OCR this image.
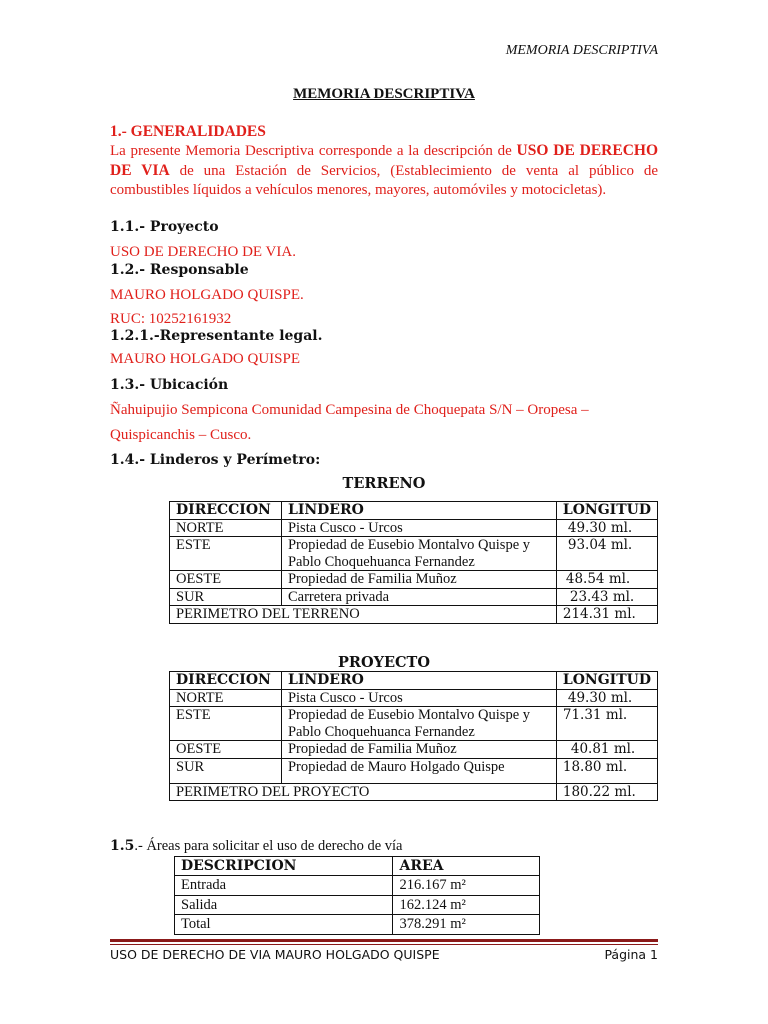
MEMORIA DESCRIPTIVA
MEMORIA DESCRIPTIVA
1.- GENERALIDADES
La presente Memoria Descriptiva corresponde a la descripción de USO DE DERECHO DE VIA de una Estación de Servicios, (Establecimiento de venta al público de combustibles líquidos a vehículos menores, mayores, automóviles y motocicletas).
1.1.- Proyecto
USO DE DERECHO DE VIA.
1.2.- Responsable
MAURO HOLGADO QUISPE.
RUC: 10252161932
1.2.1.-Representante legal.
MAURO HOLGADO QUISPE
1.3.- Ubicación
Ñahuipujio Sempicona Comunidad Campesina de Choquepata S/N – Oropesa –
Quispicanchis – Cusco.
1.4.- Linderos y Perímetro:
TERRENO
DIRECCION	LINDERO	LONGITUD
NORTE	Pista Cusco - Urcos	49.30 ml.
ESTE	Propiedad de Eusebio Montalvo Quispe y Pablo Choquehuanca Fernandez	93.04 ml.
OESTE	Propiedad de Familia Muñoz	48.54 ml.
SUR	Carretera privada	23.43 ml.
PERIMETRO DEL TERRENO		214.31 ml.
PROYECTO
DIRECCION	LINDERO	LONGITUD
NORTE	Pista Cusco - Urcos	49.30 ml.
ESTE	Propiedad de Eusebio Montalvo Quispe y Pablo Choquehuanca Fernandez	71.31 ml.
OESTE	Propiedad de Familia Muñoz	40.81 ml.
SUR	Propiedad de Mauro Holgado Quispe	18.80 ml.
PERIMETRO DEL PROYECTO		180.22 ml.
1.5.- Áreas para solicitar el uso de derecho de vía
DESCRIPCION	AREA
Entrada	216.167 m²
Salida	162.124 m²
Total	378.291 m²
USO DE DERECHO DE VIA MAURO HOLGADO QUISPE	Página 1
